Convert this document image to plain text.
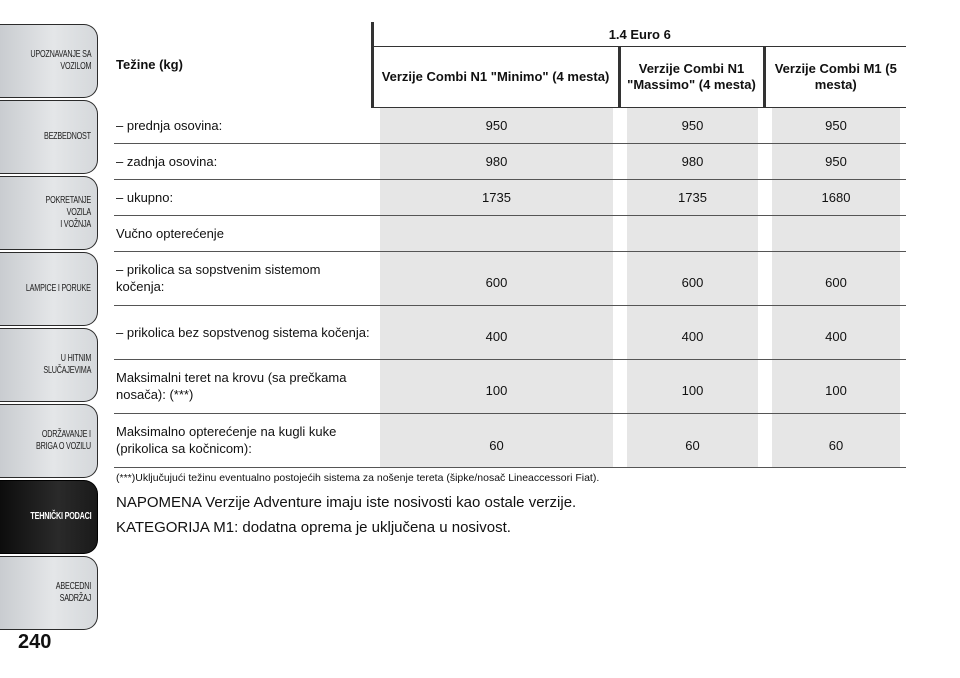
UPOZNAVANJE SA
VOZILOM
BEZBEDNOST
POKRETANJE VOZILA
I VOŽNJA
LAMPICE I PORUKE
U HITNIM
SLUČAJEVIMA
ODRŽAVANJE I
BRIGA O VOZILU
TEHNIČKI PODACI
ABECEDNI SADRŽAJ
240
Težine (kg)	1.4 Euro 6		
	Verzije Combi N1 "Minimo" (4 mesta)	Verzije Combi N1 "Massimo" (4 mesta)	Verzije Combi M1 (5 mesta)
– prednja osovina:	950	950	950

– zadnja osovina:	980	980	950

– ukupno:	1735	1735	1680

Vučno opterećenje	

– prikolica sa sopstvenim sistemom kočenja:	600	600	600

– prikolica bez sopstvenog sistema kočenja:	400	400	400

Maksimalni teret na krovu (sa prečkama nosača): (***)	100	100	100

Maksimalno opterećenje na kugli kuke (prikolica sa kočnicom):	60	60	60
(***)Uključujući težinu eventualno postojećih sistema za nošenje tereta (šipke/nosač Lineaccessori Fiat).
NAPOMENA Verzije Adventure imaju iste nosivosti kao ostale verzije.
KATEGORIJA M1: dodatna oprema je uključena u nosivost.
